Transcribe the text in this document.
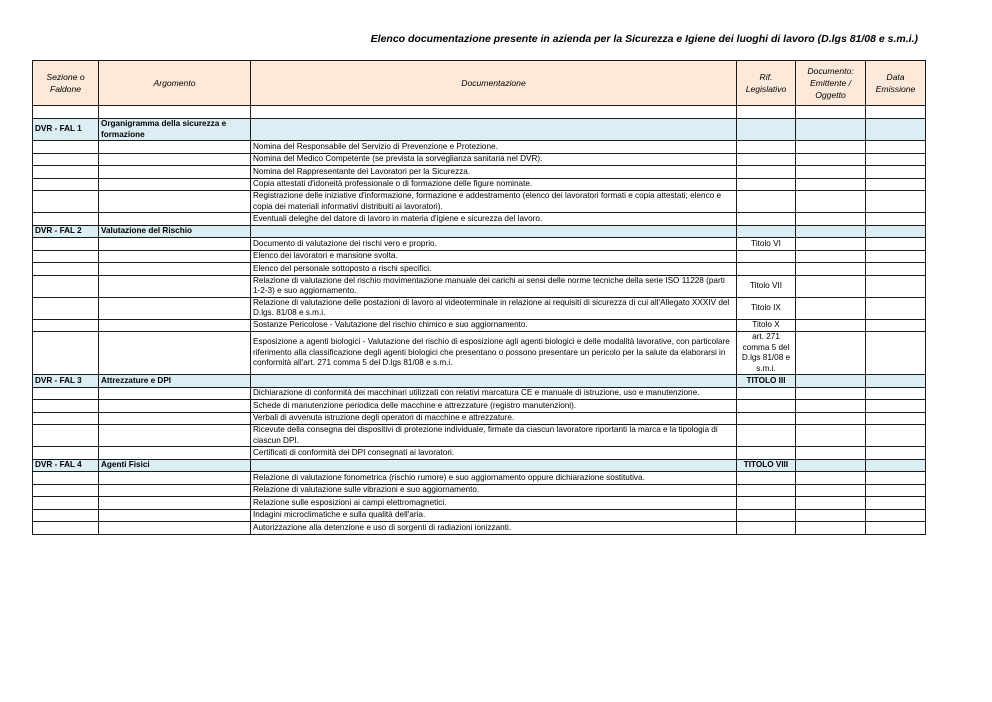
Elenco documentazione presente in azienda per la Sicurezza e Igiene dei luoghi di lavoro (D.lgs 81/08 e s.m.i.)
Sezione o Faldone	Argomento	Documentazione	Rif. Legislativo	Documento: Emittente / Oggetto	Data Emissione

DVR - FAL 1	Organigramma della sicurezza e formazione				
		Nomina del Responsabile del Servizio di Prevenzione e Protezione.			
		Nomina del Medico Competente (se prevista la sorveglianza sanitaria nel DVR).			
		Nomina del Rappresentante dei Lavoratori per la Sicurezza.			
		Copia attestati d'idoneità professionale o di formazione delle figure nominate.			
		Registrazione delle iniziative d'informazione, formazione e addestramento (elenco dei lavoratori formati e copia attestati; elenco e copia dei materiali informativi distribuiti ai lavoratori).			
		Eventuali deleghe del datore di lavoro in materia d'igiene e sicurezza del lavoro.			
DVR - FAL 2	Valutazione del Rischio				
		Documento di valutazione dei rischi vero e proprio.	Titolo VI		
		Elenco dei lavoratori e mansione svolta.			
		Elenco del personale sottoposto a rischi specifici.			
		Relazione di valutazione del rischio movimentazione manuale dei carichi ai sensi delle norme tecniche della serie ISO 11228 (parti 1-2-3) e suo aggiornamento.	Titolo VII		
		Relazione di valutazione delle postazioni di lavoro al videoterminale in relazione ai requisiti di sicurezza di cui all'Allegato XXXIV del D.lgs. 81/08 e s.m.i.	Titolo IX		
		Sostanze Pericolose - Valutazione del rischio chimico e suo aggiornamento.	Titolo X		
		Esposizione a agenti biologici - Valutazione del rischio di esposizione agli agenti biologici e delle modalità lavorative, con particolare riferimento alla classificazione degli agenti biologici che presentano o possono presentare un pericolo per la salute da elaborarsi in conformità all'art. 271 comma 5 del D.lgs 81/08 e s.m.i.	art. 271 comma 5 del D.lgs 81/08 e s.m.i.		
DVR - FAL 3	Attrezzature e DPI		TITOLO III		
		Dichiarazione di conformità dei macchinari utilizzati con relativi marcatura CE e manuale di istruzione, uso e manutenzione.			
		Schede di manutenzione periodica delle macchine e attrezzature (registro manutenzioni).			
		Verbali di avvenuta istruzione degli operatori di macchine e attrezzature.			
		Ricevute della consegna dei dispositivi di protezione individuale, firmate da ciascun lavoratore riportanti la marca e la tipologia di ciascun DPI.			
		Certificati di conformità dei DPI consegnati ai lavoratori.			
DVR - FAL 4	Agenti Fisici		TITOLO VIII		
		Relazione di valutazione fonometrica (rischio rumore) e suo aggiornamento oppure dichiarazione sostitutiva.			
		Relazione di valutazione sulle vibrazioni e suo aggiornamento.			
		Relazione sulle esposizioni ai campi elettromagnetici.			
		Indagini microclimatiche e sulla qualità dell'aria.			
		Autorizzazione alla detenzione e uso di sorgenti di radiazioni ionizzanti.			
